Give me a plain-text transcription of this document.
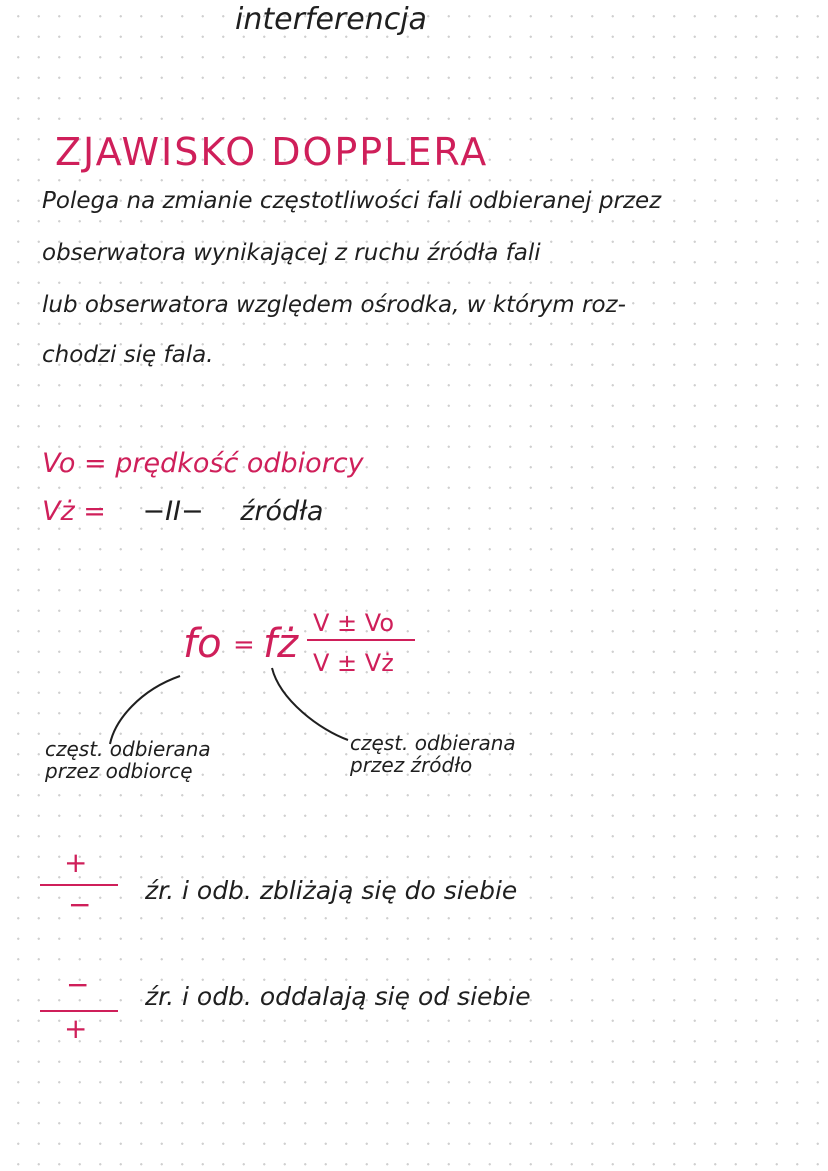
interferencja
ZJAWISKO DOPPLERA
Polega na zmianie częstotliwości fali odbieranej przez
obserwatora wynikającej z ruchu źródła fali
lub obserwatora względem ośrodka, w którym roz-
chodzi się fala.
Vo = prędkość odbiorcy
Vż = −II− źródła
fo = fż V ± Vo
V ± Vż
częst. odbierana
przez odbiorcę
częst. odbierana
przez źródło
+
− źr. i odb. zbliżają się do siebie
−
+
źr. i odb. oddalają się od siebie
